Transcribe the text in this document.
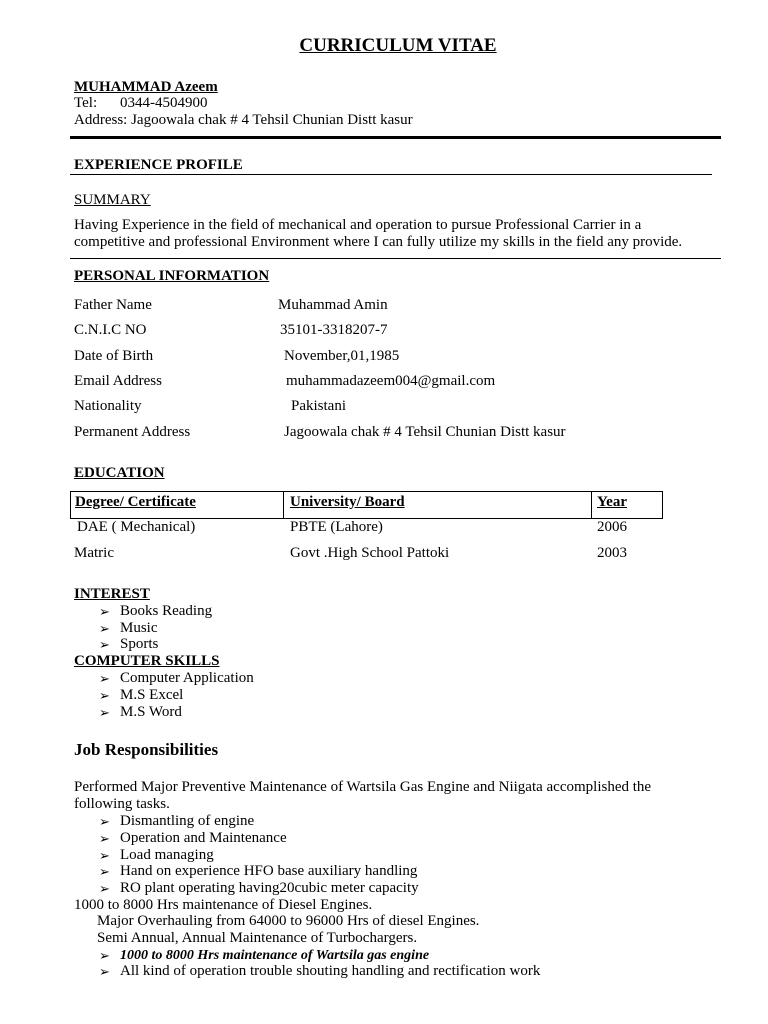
CURRICULUM VITAE
MUHAMMAD Azeem
Tel: 0344-4504900
Address: Jagoowala chak # 4 Tehsil Chunian Distt kasur
EXPERIENCE PROFILE
SUMMARY
Having Experience in the field of mechanical and operation to pursue Professional Carrier in a
competitive and professional Environment where I can fully utilize my skills in the field any provide.
PERSONAL INFORMATION
Father Name	Muhammad Amin
C.N.I.C NO	35101-3318207-7
Date of Birth	November,01,1985
Email Address	muhammadazeem004@gmail.com
Nationality	Pakistani
Permanent Address	Jagoowala chak # 4 Tehsil Chunian Distt kasur
EDUCATION
Degree/ Certificate	University/ Board	Year
DAE ( Mechanical)	PBTE (Lahore)	2006
Matric	Govt .High School Pattoki	2003
INTEREST
➢ Books Reading
➢ Music
➢ Sports
COMPUTER SKILLS
➢ Computer Application
➢ M.S Excel
➢ M.S Word
Job Responsibilities
Performed Major Preventive Maintenance of Wartsila Gas Engine and Niigata accomplished the
following tasks.
➢ Dismantling of engine
➢ Operation and Maintenance
➢ Load managing
➢ Hand on experience HFO base auxiliary handling
➢ RO plant operating having20cubic meter capacity
1000 to 8000 Hrs maintenance of Diesel Engines.
Major Overhauling from 64000 to 96000 Hrs of diesel Engines.
Semi Annual, Annual Maintenance of Turbochargers.
➢ 1000 to 8000 Hrs maintenance of Wartsila gas engine
➢ All kind of operation trouble shouting handling and rectification work
